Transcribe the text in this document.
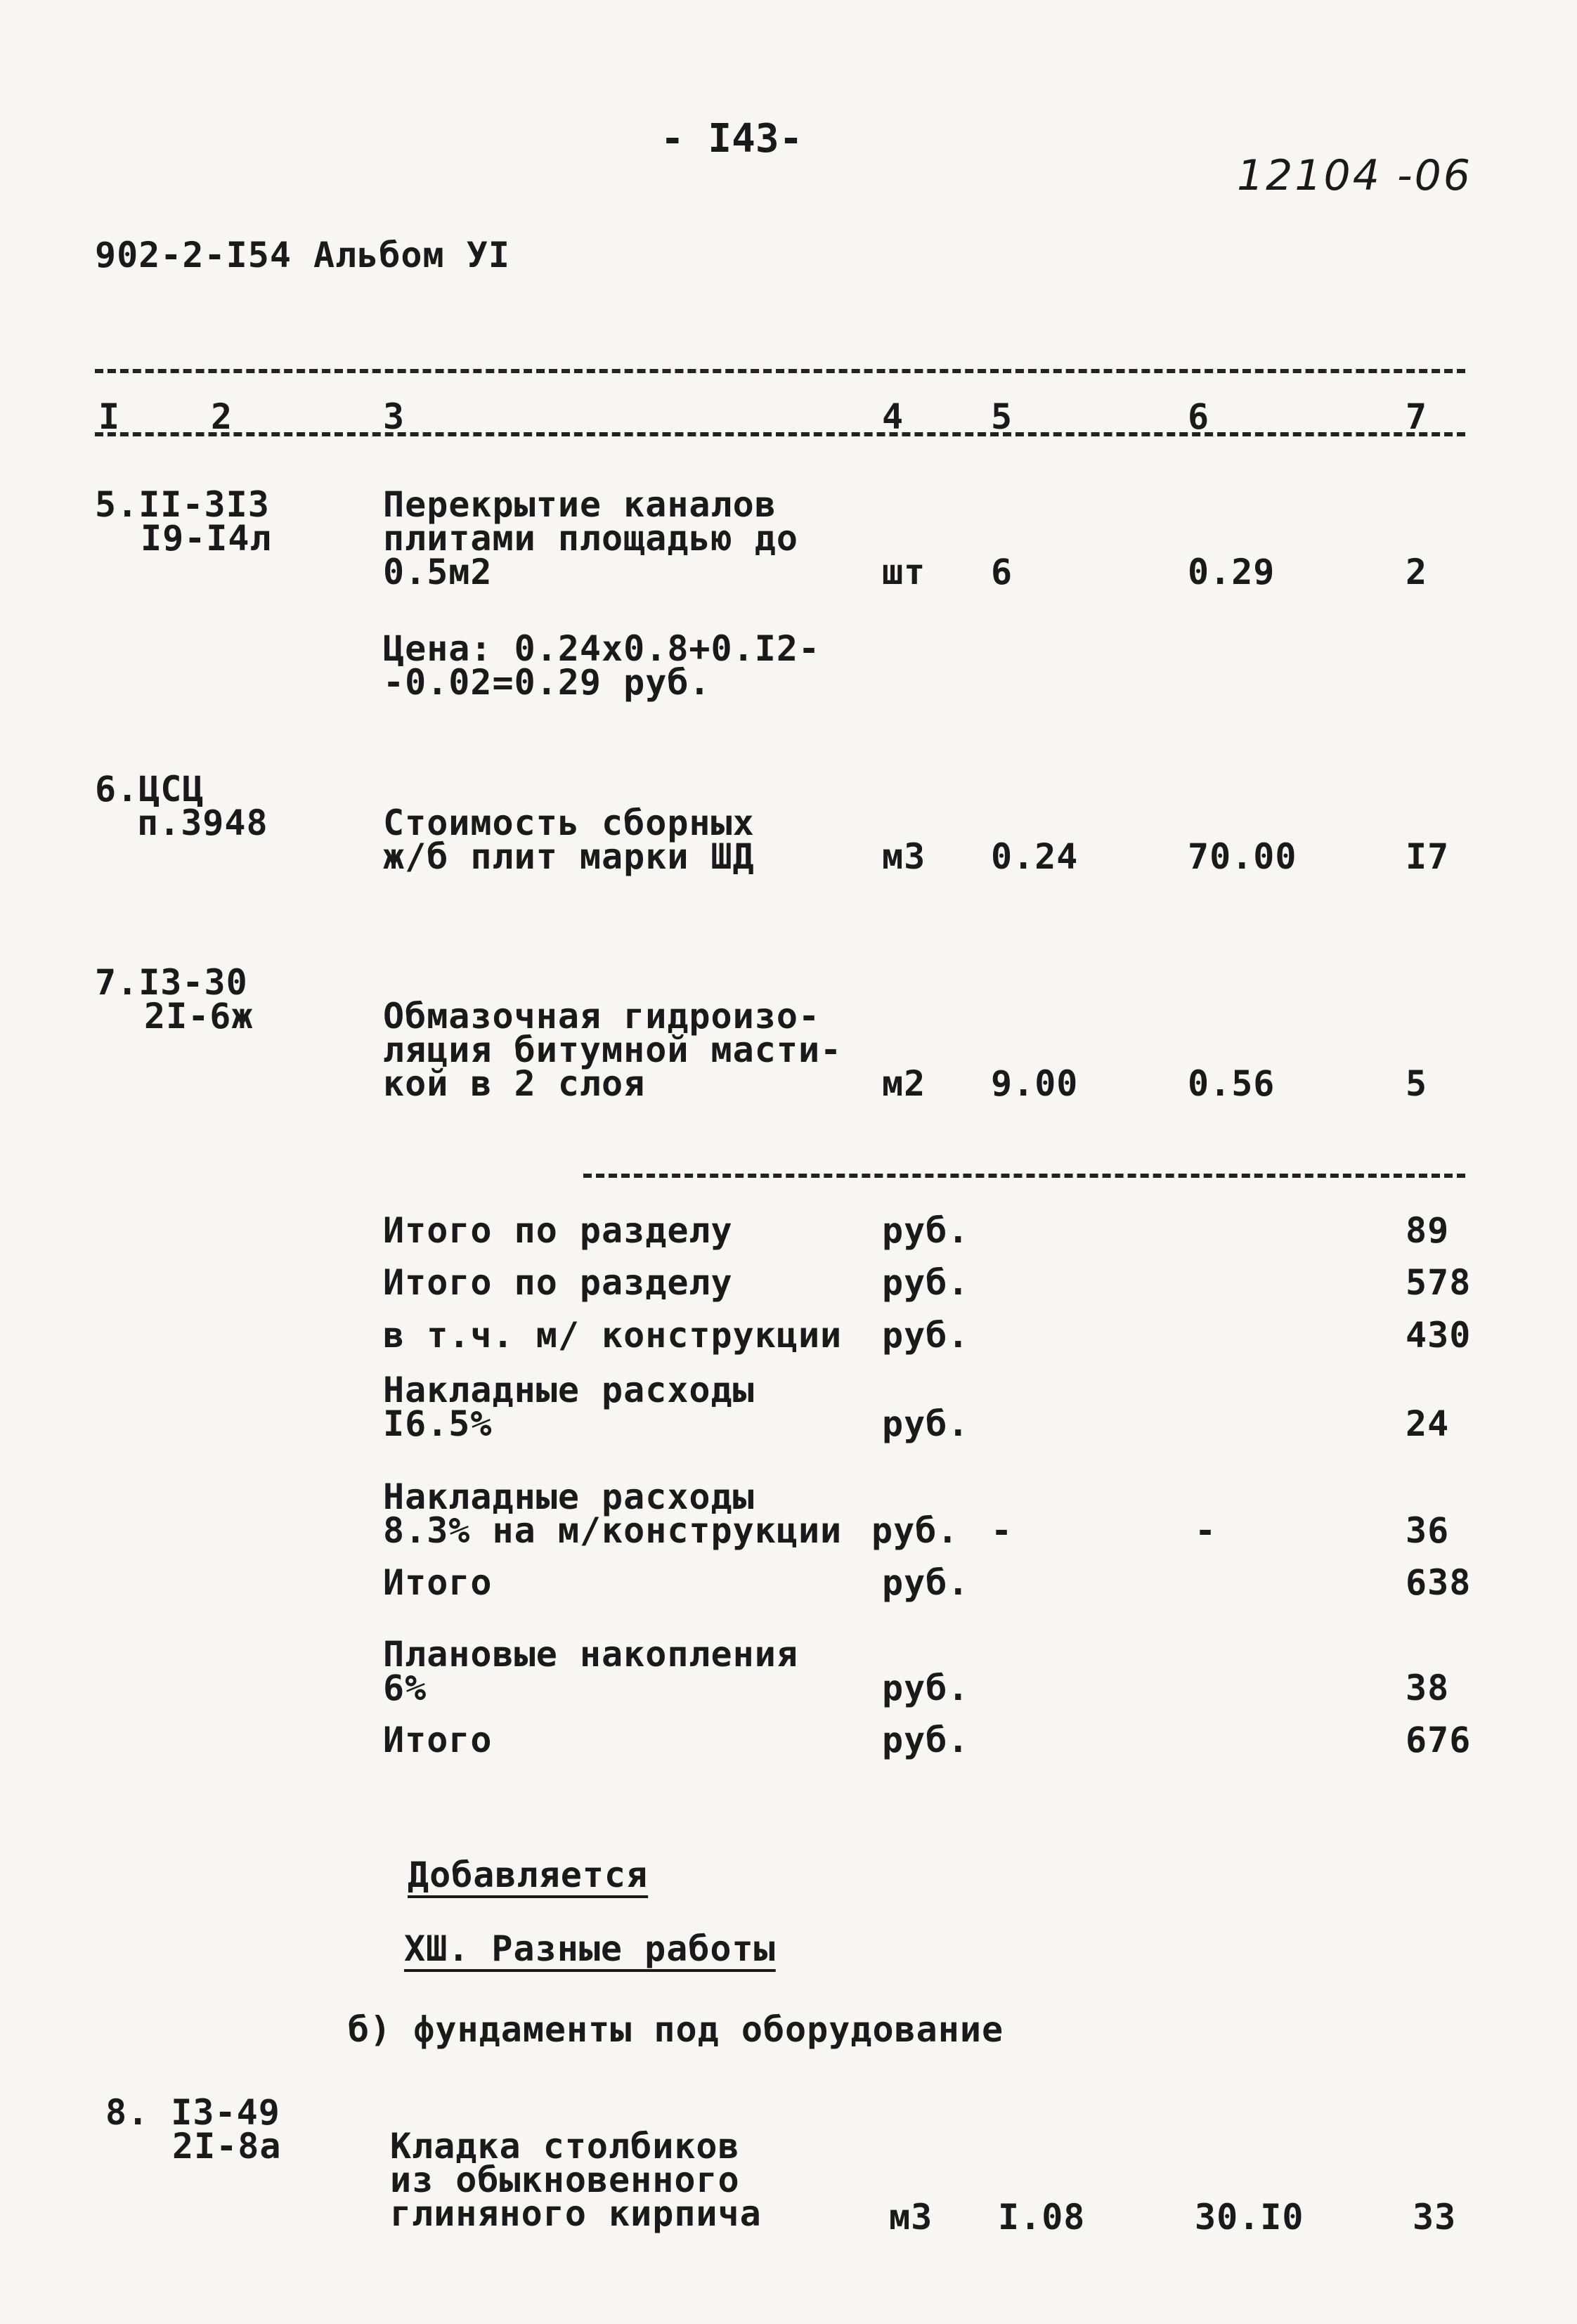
- I43-
12104 -06
902-2-I54 Альбом УI
I	2	3	4 5	6	7
5.II-3I3
I9-I4л
Перекрытие каналов
плитами площадью до
0.5м2	шт 6	0.29	2
Цена: 0.24х0.8+0.I2-
-0.02=0.29 руб.
6.ЦСЦ
п.3948	Стоимость сборных
ж/б плит марки ШД	м3 0.24	70.00	I7
7.I3-30
2I-6ж	Обмазочная гидроизо-
ляция битумной масти-
кой в 2 слоя	м2 9.00	0.56	5
Итого по разделу	руб.	89
Итого по разделу	руб.	578
в т.ч. м/ конструкции руб.	430
Накладные расходы
I6.5%	руб.	24
Накладные расходы
8.3% на м/конструкции руб. -	-	36
Итого	руб.	638
Плановые накопления
6%	руб.	38
Итого	руб.	676
Добавляется
ХШ. Разные работы
б) фундаменты под оборудование
8. I3-49
2I-8а	Кладка столбиков
из обыкновенного
глиняного кирпича	м3 I.08	30.I0	33
